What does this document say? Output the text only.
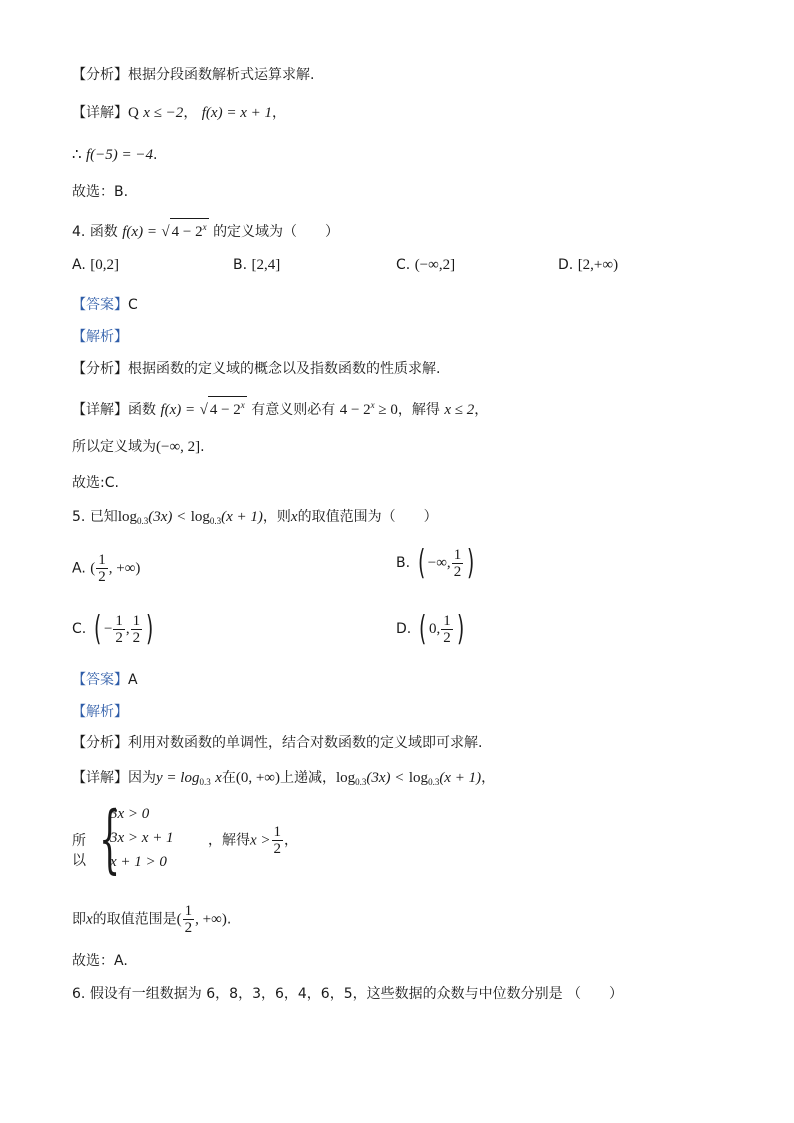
【分析】根据分段函数解析式运算求解.
【详解】Q x ≤ −2， f(x) = x + 1，
∴ f(−5) = −4.
故选：B.
4. 函数 f(x) = √ $4 - 2^x$ 的定义域为（　　）
A. [0,2]	B. [2,4]	C. (−∞,2]	D. [2,+∞)
【答案】C
【解析】
【分析】根据函数的定义域的概念以及指数函数的性质求解.
【详解】函数 f(x) = √ $4 - 2^x$ 有意义则必有 $4 - 2^x \ge 0$，解得 x ≤ 2，
所以定义域为(−∞, 2].
故选:C.
5. 已知$\log_{0.3}(3x) < \log_{0.3}(x + 1)$，则x的取值范围为（　　）
A. ( $\frac{1}{2}$ , +∞)	B. ( −∞, $\frac{1}{2}$ )
C. ( − $\frac{1}{2}$ , $\frac{1}{2}$ )	D. ( 0, $\frac{1}{2}$ )
【答案】A
【解析】
【分析】利用对数函数的单调性，结合对数函数的定义域即可求解.
【详解】因为$y = \log_{0.3} x$在(0, +∞)上递减，$\log_{0.3}(3x) < \log_{0.3}(x + 1)$，
所以 {
3x > 0
3x > x + 1
x + 1 > 0
，解得$x > \frac{1}{2}$ ，
即x的取值范围是( $\frac{1}{2}$ , +∞).
故选：A.
6. 假设有一组数据为 6，8，3，6，4，6，5，这些数据的众数与中位数分别是 （　　）
